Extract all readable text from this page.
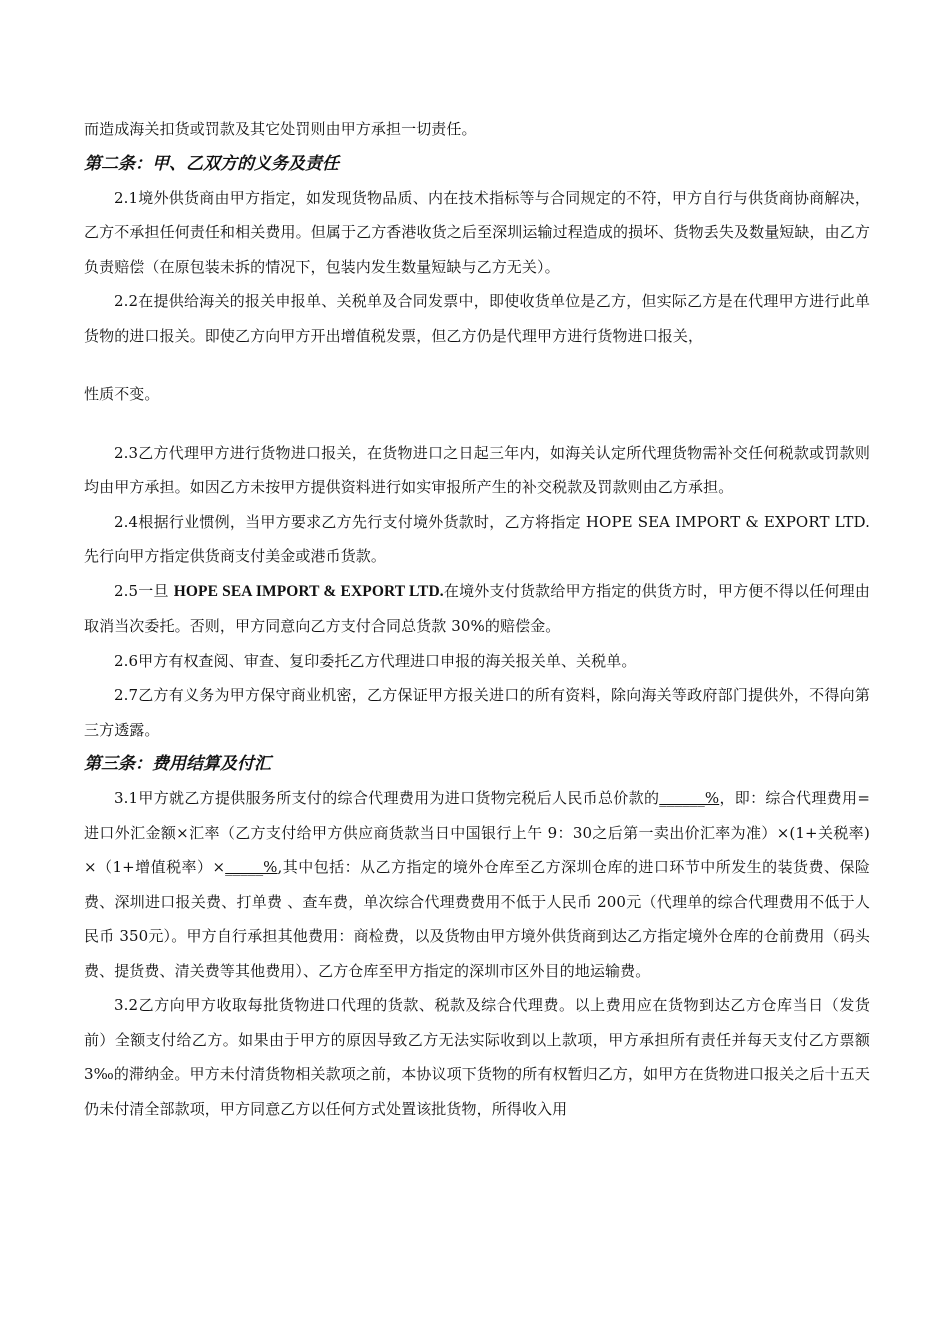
而造成海关扣货或罚款及其它处罚则由甲方承担一切责任。

第二条：甲、乙双方的义务及责任

2.1境外供货商由甲方指定，如发现货物品质、内在技术指标等与合同规定的不符，甲方自行与供货商协商解决，乙方不承担任何责任和相关费用。但属于乙方香港收货之后至深圳运输过程造成的损坏、货物丢失及数量短缺，由乙方负责赔偿（在原包装未拆的情况下，包装内发生数量短缺与乙方无关）。

2.2在提供给海关的报关申报单、关税单及合同发票中，即使收货单位是乙方，但实际乙方是在代理甲方进行此单货物的进口报关。即使乙方向甲方开出增值税发票，但乙方仍是代理甲方进行货物进口报关，

性质不变。

2.3乙方代理甲方进行货物进口报关，在货物进口之日起三年内，如海关认定所代理货物需补交任何税款或罚款则均由甲方承担。如因乙方未按甲方提供资料进行如实审报所产生的补交税款及罚款则由乙方承担。

2.4根据行业惯例，当甲方要求乙方先行支付境外货款时，乙方将指定 HOPE SEA IMPORT & EXPORT LTD.先行向甲方指定供货商支付美金或港币货款。

2.5一旦 HOPE SEA IMPORT & EXPORT LTD.在境外支付货款给甲方指定的供货方时，甲方便不得以任何理由取消当次委托。否则，甲方同意向乙方支付合同总货款 30%的赔偿金。

2.6甲方有权查阅、审查、复印委托乙方代理进口申报的海关报关单、关税单。

2.7乙方有义务为甲方保守商业机密，乙方保证甲方报关进口的所有资料，除向海关等政府部门提供外，不得向第三方透露。

第三条：费用结算及付汇

3.1甲方就乙方提供服务所支付的综合代理费用为进口货物完税后人民币总价款的______%，即：综合代理费用=进口外汇金额×汇率（乙方支付给甲方供应商货款当日中国银行上午 9：30之后第一卖出价汇率为准）×(1+关税率) ×（1+增值税率）×_____%,其中包括：从乙方指定的境外仓库至乙方深圳仓库的进口环节中所发生的装货费、保险费、深圳进口报关费、打单费 、查车费，单次综合代理费费用不低于人民币 200元（代理单的综合代理费用不低于人民币 350元）。甲方自行承担其他费用：商检费，以及货物由甲方境外供货商到达乙方指定境外仓库的仓前费用（码头费、提货费、清关费等其他费用）、乙方仓库至甲方指定的深圳市区外目的地运输费。

3.2乙方向甲方收取每批货物进口代理的货款、税款及综合代理费。以上费用应在货物到达乙方仓库当日（发货前）全额支付给乙方。如果由于甲方的原因导致乙方无法实际收到以上款项，甲方承担所有责任并每天支付乙方票额 3‰的滞纳金。甲方未付清货物相关款项之前，本协议项下货物的所有权暂归乙方，如甲方在货物进口报关之后十五天仍未付清全部款项，甲方同意乙方以任何方式处置该批货物，所得收入用
